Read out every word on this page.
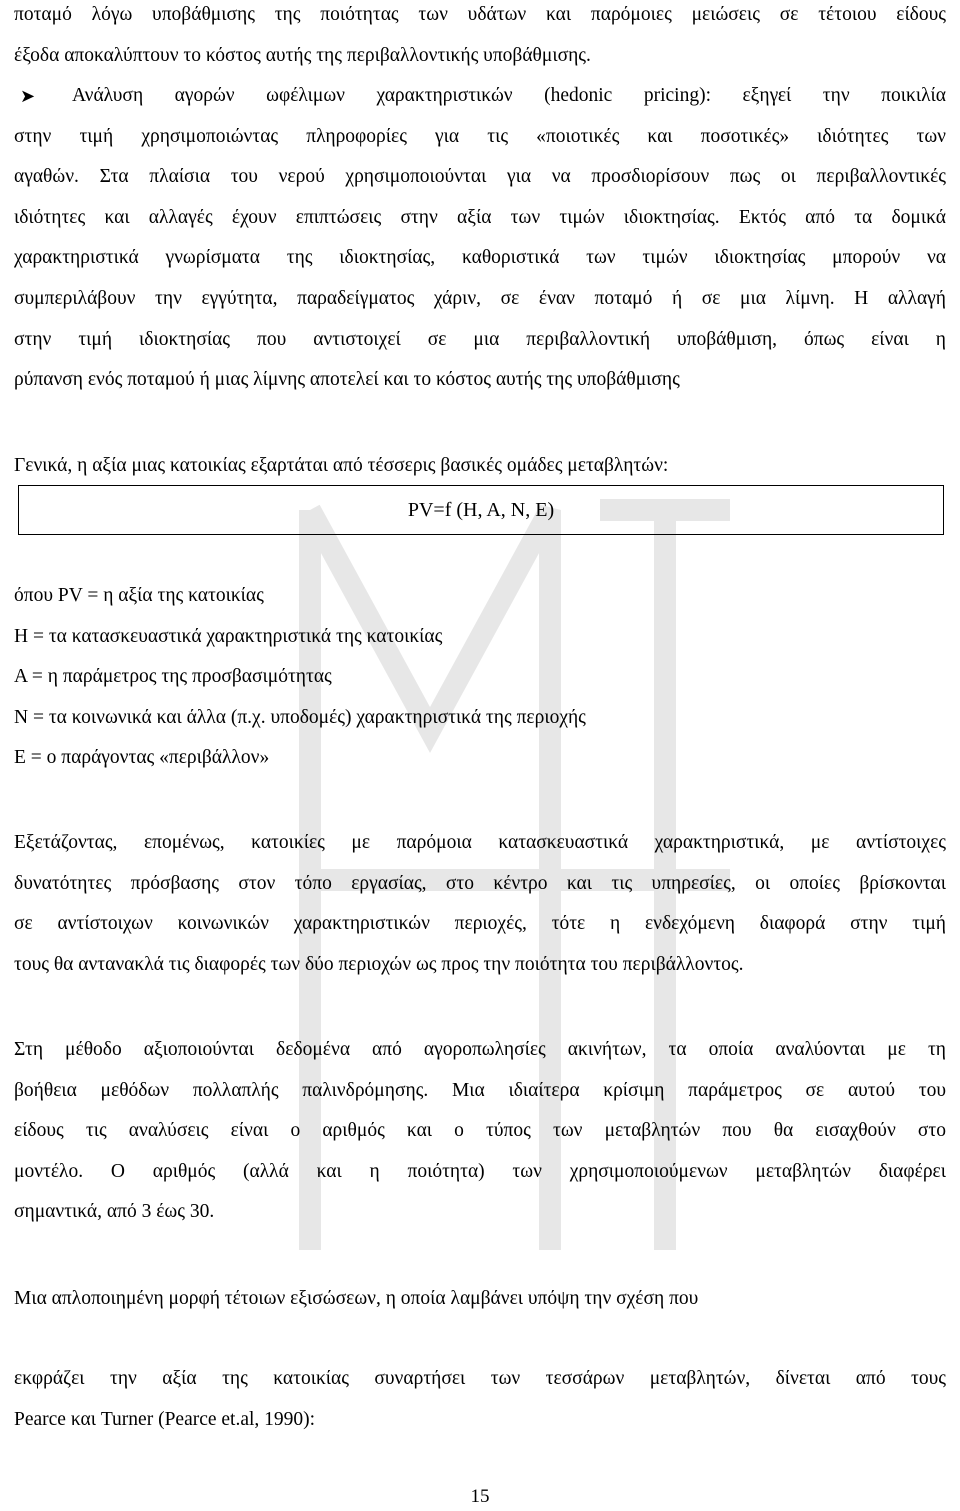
ποταμό λόγω υποβάθμισης της ποιότητας των υδάτων και παρόμοιες μειώσεις σε τέτοιου είδους
έξοδα αποκαλύπτουν το κόστος αυτής της περιβαλλοντικής υποβάθμισης.
➤	Ανάλυση αγορών ωφέλιμων χαρακτηριστικών (hedonic pricing): εξηγεί την ποικιλία
στην τιμή χρησιμοποιώντας πληροφορίες για τις «ποιοτικές και ποσοτικές» ιδιότητες των
αγαθών. Στα πλαίσια του νερού χρησιμοποιούνται για να προσδιορίσουν πως οι περιβαλλοντικές
ιδιότητες και αλλαγές έχουν επιπτώσεις στην αξία των τιμών ιδιοκτησίας. Εκτός από τα δομικά
χαρακτηριστικά γνωρίσματα της ιδιοκτησίας, καθοριστικά των τιμών ιδιοκτησίας μπορούν να
συμπεριλάβουν την εγγύτητα, παραδείγματος χάριν, σε έναν ποταμό ή σε μια λίμνη. Η αλλαγή
στην τιμή ιδιοκτησίας που αντιστοιχεί σε μια περιβαλλοντική υποβάθμιση, όπως είναι η
ρύπανση ενός ποταμού ή μιας λίμνης αποτελεί και το κόστος αυτής της υποβάθμισης
Γενικά, η αξία μιας κατοικίας εξαρτάται από τέσσερις βασικές ομάδες μεταβλητών:
PV=f (H, A, N, E)
όπου PV = η αξία της κατοικίας
H = τα κατασκευαστικά χαρακτηριστικά της κατοικίας
A = η παράμετρος της προσβασιμότητας
N = τα κοινωνικά και άλλα (π.χ. υποδομές) χαρακτηριστικά της περιοχής
E = ο παράγοντας «περιβάλλον»
Εξετάζοντας, επομένως, κατοικίες με παρόμοια κατασκευαστικά χαρακτηριστικά, με αντίστοιχες
δυνατότητες πρόσβασης στον τόπο εργασίας, στο κέντρο και τις υπηρεσίες, οι οποίες βρίσκονται
σε αντίστοιχων κοινωνικών χαρακτηριστικών περιοχές, τότε η ενδεχόμενη διαφορά στην τιμή
τους θα αντανακλά τις διαφορές των δύο περιοχών ως προς την ποιότητα του περιβάλλοντος.
Στη μέθοδο αξιοποιούνται δεδομένα από αγοροπωλησίες ακινήτων, τα οποία αναλύονται με τη
βοήθεια μεθόδων πολλαπλής παλινδρόμησης. Μια ιδιαίτερα κρίσιμη παράμετρος σε αυτού του
είδους τις αναλύσεις είναι ο αριθμός και ο τύπος των μεταβλητών που θα εισαχθούν στο
μοντέλο. Ο αριθμός (αλλά και η ποιότητα) των χρησιμοποιούμενων μεταβλητών διαφέρει
σημαντικά, από 3 έως 30.
Μια απλοποιημένη μορφή τέτοιων εξισώσεων, η οποία λαμβάνει υπόψη την σχέση που
εκφράζει την αξία της κατοικίας συναρτήσει των τεσσάρων μεταβλητών, δίνεται από τους
Pearce και Turner (Pearce et.al, 1990):
15
